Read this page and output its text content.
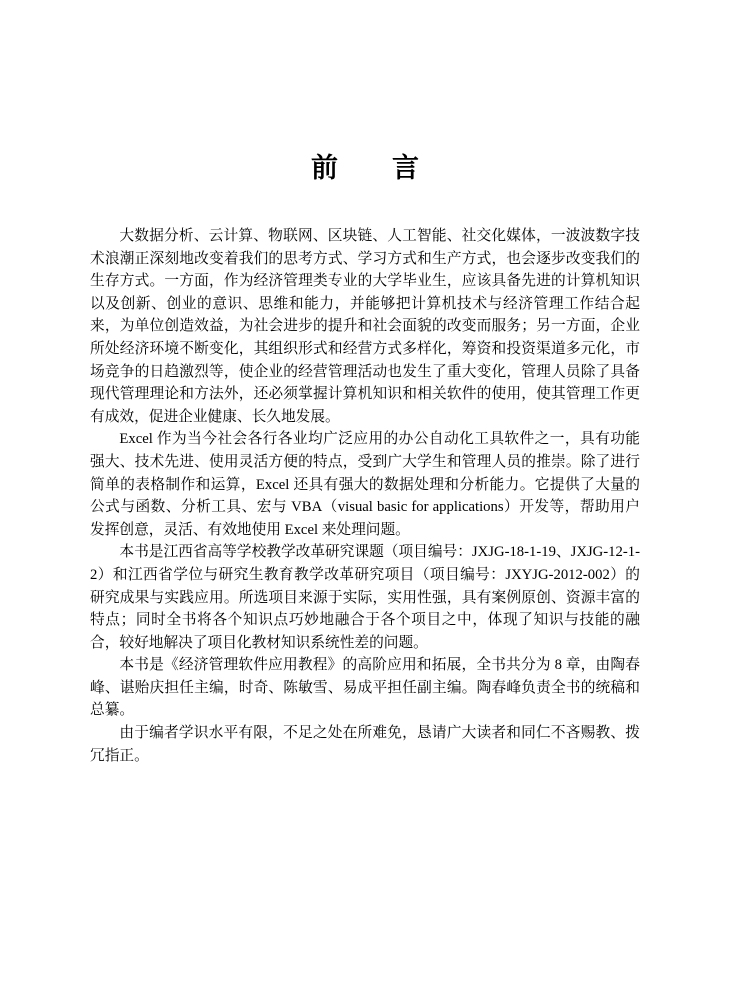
前　　言

大数据分析、云计算、物联网、区块链、人工智能、社交化媒体，一波波数字技术浪潮正深刻地改变着我们的思考方式、学习方式和生产方式，也会逐步改变我们的生存方式。一方面，作为经济管理类专业的大学毕业生，应该具备先进的计算机知识以及创新、创业的意识、思维和能力，并能够把计算机技术与经济管理工作结合起来，为单位创造效益，为社会进步的提升和社会面貌的改变而服务；另一方面，企业所处经济环境不断变化，其组织形式和经营方式多样化，筹资和投资渠道多元化，市场竞争的日趋激烈等，使企业的经营管理活动也发生了重大变化，管理人员除了具备现代管理理论和方法外，还必须掌握计算机知识和相关软件的使用，使其管理工作更有成效，促进企业健康、长久地发展。

Excel 作为当今社会各行各业均广泛应用的办公自动化工具软件之一，具有功能强大、技术先进、使用灵活方便的特点，受到广大学生和管理人员的推崇。除了进行简单的表格制作和运算，Excel 还具有强大的数据处理和分析能力。它提供了大量的公式与函数、分析工具、宏与 VBA（visual basic for applications）开发等，帮助用户发挥创意，灵活、有效地使用 Excel 来处理问题。

本书是江西省高等学校教学改革研究课题（项目编号：JXJG-18-1-19、JXJG-12-1-2）和江西省学位与研究生教育教学改革研究项目（项目编号：JXYJG-2012-002）的研究成果与实践应用。所选项目来源于实际，实用性强，具有案例原创、资源丰富的特点；同时全书将各个知识点巧妙地融合于各个项目之中，体现了知识与技能的融合，较好地解决了项目化教材知识系统性差的问题。

本书是《经济管理软件应用教程》的高阶应用和拓展，全书共分为 8 章，由陶春峰、谌贻庆担任主编，时奇、陈敏雪、易成平担任副主编。陶春峰负责全书的统稿和总纂。

由于编者学识水平有限，不足之处在所难免，恳请广大读者和同仁不吝赐教、拨冗指正。
